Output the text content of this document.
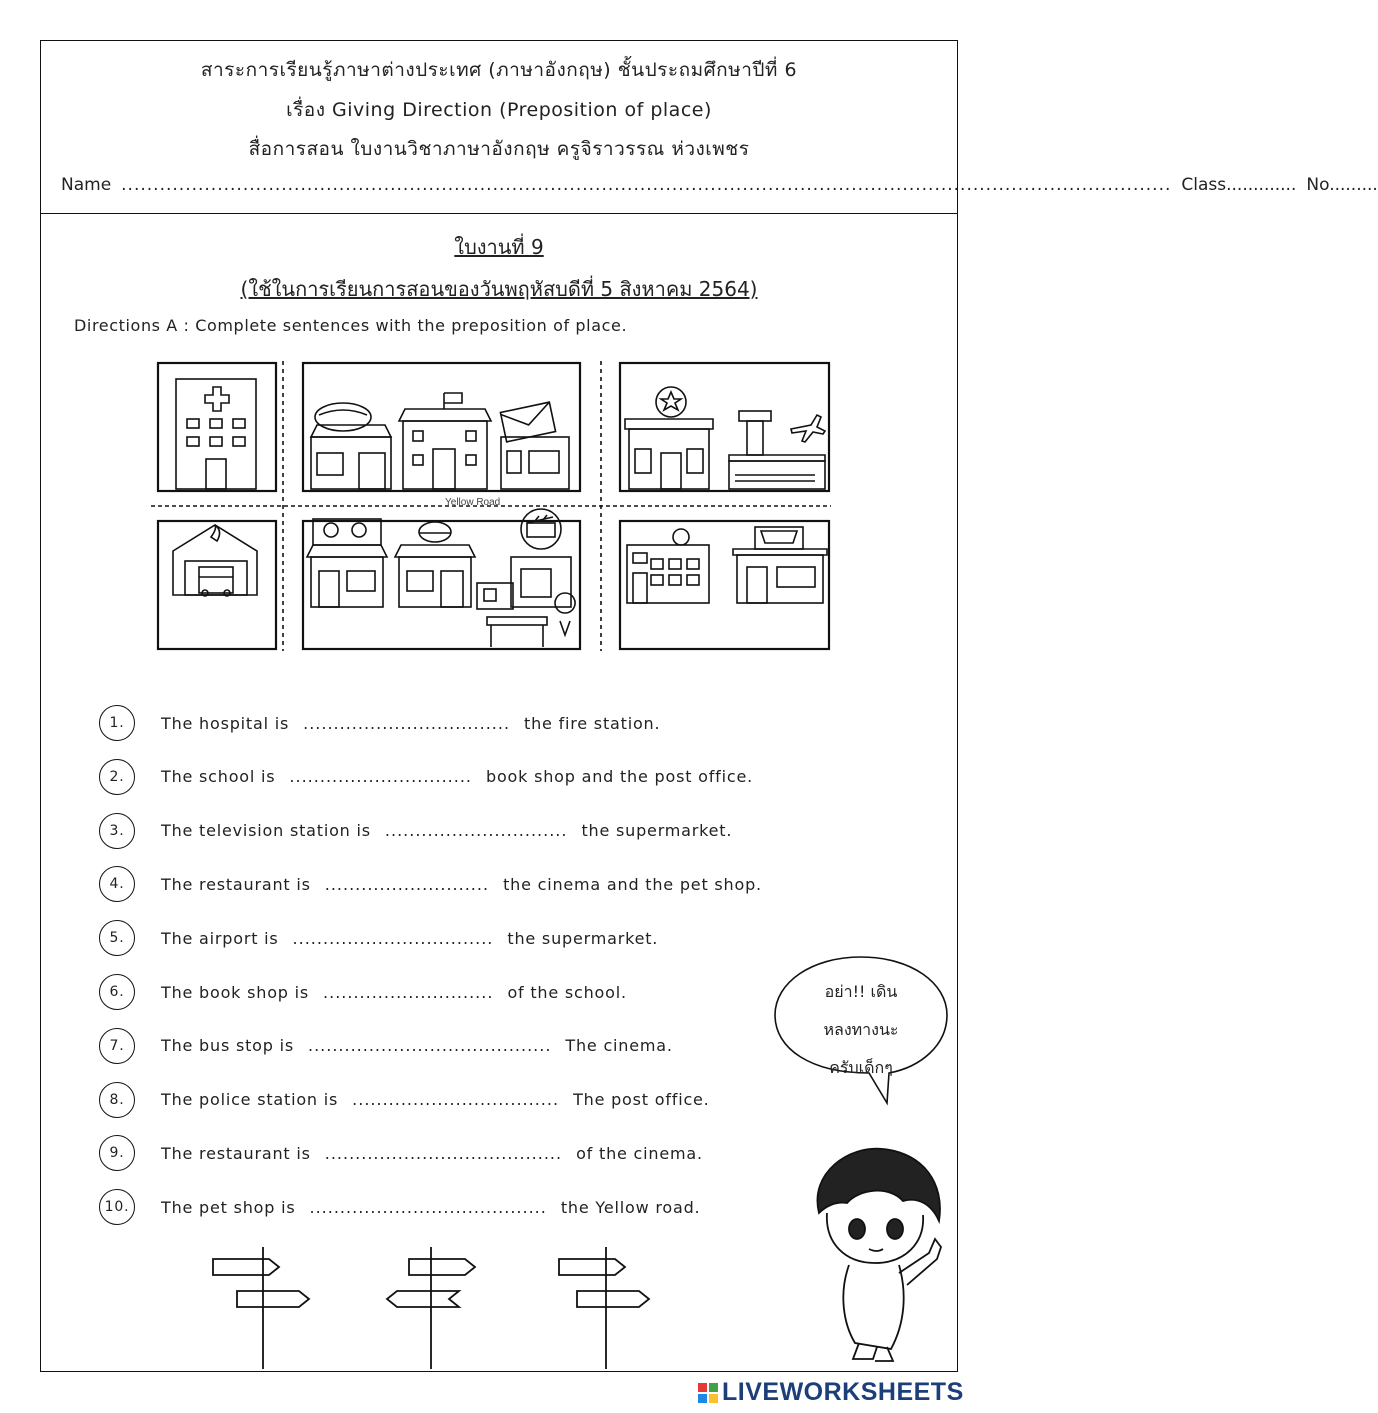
สาระการเรียนรู้ภาษาต่างประเทศ (ภาษาอังกฤษ) ชั้นประถมศึกษาปีที่ 6
เรื่อง Giving Direction (Preposition of place)
สื่อการสอน ใบงานวิชาภาษาอังกฤษ ครูจิราวรรณ ห่วงเพชร
Name .................................................................................................................................................................... Class............. No.........
ใบงานที่ 9
(ใช้ในการเรียนการสอนของวันพฤหัสบดีที่ 5 สิงหาคม 2564)
Directions A : Complete sentences with the preposition of place.
Yellow Road
1.	The hospital is .................................. the fire station.
2.	The school is .............................. book shop and the post office.
3.	The television station is .............................. the supermarket.
4.	The restaurant is ........................... the cinema and the pet shop.
5.	The airport is ................................. the supermarket.
6.	The book shop is ............................ of the school.
7.	The bus stop is ........................................ The cinema.
8.	The police station is .................................. The post office.
9.	The restaurant is ....................................... of the cinema.
10.	The pet shop is ....................................... the Yellow road.
อย่า!! เดิน
หลงทางนะ
ครับเด็กๆ
LIVEWORKSHEETS
